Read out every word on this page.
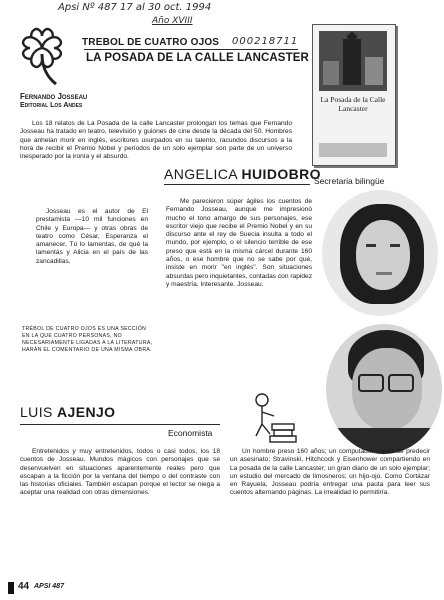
Apsi Nº 487 17 al 30 oct. 1994
Año XVIII
000218711
TREBOL DE CUATRO OJOS
LA POSADA DE LA CALLE LANCASTER
Fernando Josseau
Editorial Los Andes
La Posada de la Calle Lancaster

Los 18 relatos de La Posada de la calle Lancaster prolongan los temas que Fernando Josseau ha tratado en teatro, televisión y guiones de cine desde la década del 50. Hombres que anhelan morir en inglés, escritores usurpados en su talento, racundos discursos a la hora de recibir el Premio Nobel y períodos de un solo ejemplar son parte de un universo inesperado por la ironía y el absurdo.

Josseau es el autor de El prestamista —10 mil funciones en Chile y Europa— y otras obras de teatro como César, Esperanza el amanecer, Tú lo lamentas, de qué la lamentás y Alicia en el país de las zancadillas.

TRÉBOL DE CUATRO OJOS ES UNA SECCIÓN EN LA QUE CUATRO PERSONAS, NO NECESARIAMENTE LIGADAS A LA LITERATURA, HARÁN EL COMENTARIO DE UNA MISMA OBRA.
ANGELICA HUIDOBRO
Secretaria bilingüe

Me parecieron súper ágiles los cuentos de Fernando Josseau, aunque me impresionó mucho el tono amargo de sus personajes, ese escritor viejo que recibe el Premio Nobel y en su discurso ante el rey de Suecia insulta a todo el mundo, por ejemplo, o el silencio terrible de ese preso que está en la misma cárcel durante 160 años, o ese hombre que no se sabe por qué, insiste en morir "en inglés". Son situaciones absurdas pero inquietantes, contadas con rapidez y maestría. Interesante. Josseau.

LUIS AJENJO
Economista

Entretenidos y muy entretenidos, todos o casi todos, los 18 cuentos de Josseau. Mundos mágicos con personajes que se desenvuelven en situaciones aparentemente reales pero que escapan a la ficción por la ventana del tiempo o del contraste con las historias oficiales. También escapan porque el lector se niega a aceptar una realidad con otras dimensiones.

Un hombre preso 160 años; un computador capaz de predecir un asesinato; Stravinski, Hitchcock y Eisenhower compartiendo en La posada de la calle Lancaster; un gran diario de un solo ejemplar; un estudio del mercado de limosneros; un hijo-ojo. Como Cortázar en Rayuela, Josseau podría entregar una pauta para leer sus cuentos alternando páginas. La irrealidad lo permitiría.

44 APSI 487
